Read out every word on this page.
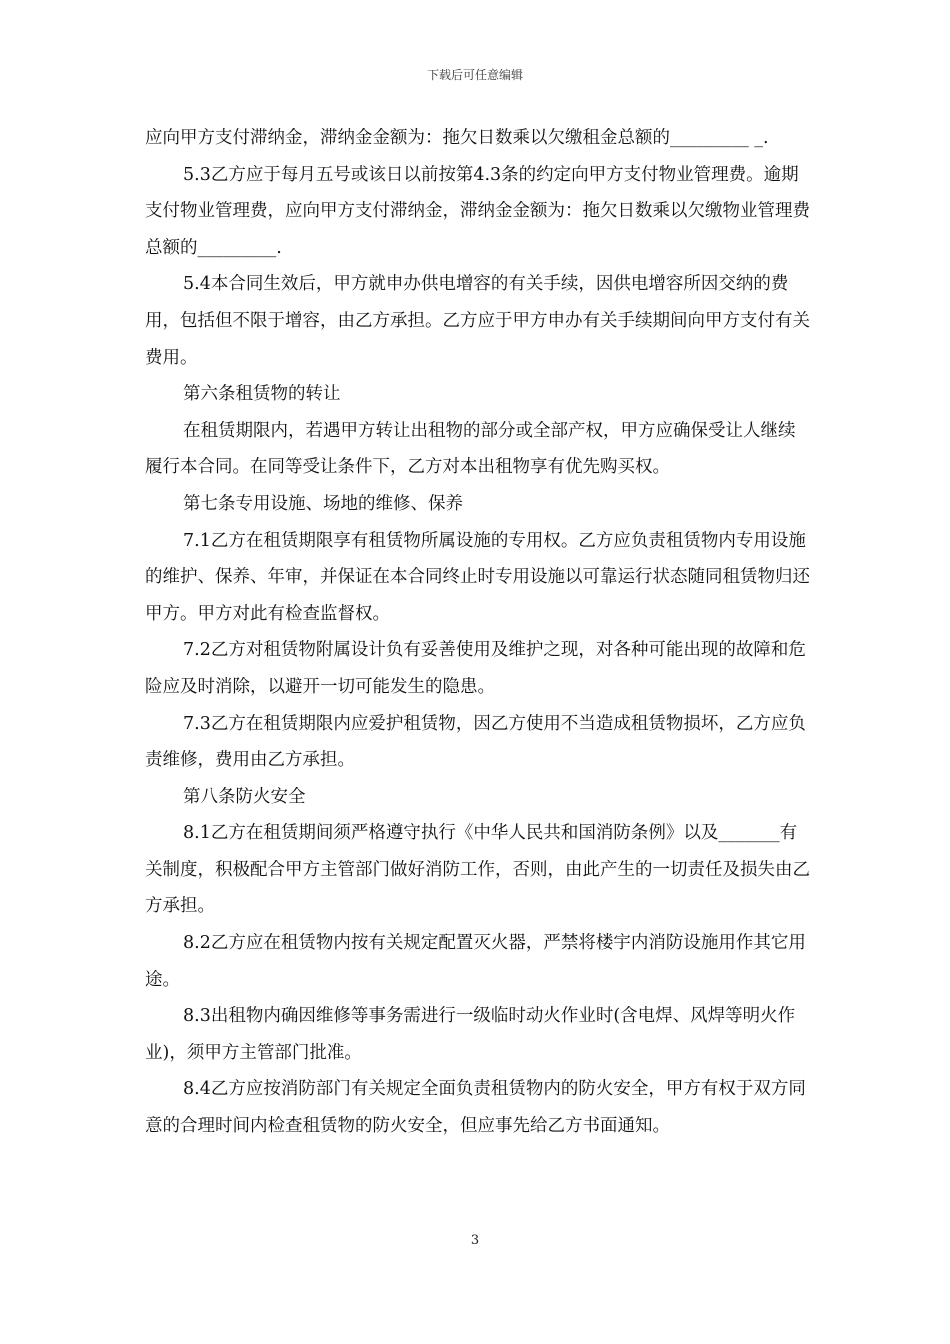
下载后可任意编辑

应向甲方支付滞纳金，滞纳金金额为：拖欠日数乘以欠缴租金总额的_________ _.

5.3乙方应于每月五号或该日以前按第4.3条的约定向甲方支付物业管理费。逾期支付物业管理费，应向甲方支付滞纳金，滞纳金金额为：拖欠日数乘以欠缴物业管理费总额的_________.

5.4本合同生效后，甲方就申办供电增容的有关手续，因供电增容所因交纳的费用，包括但不限于增容，由乙方承担。乙方应于甲方申办有关手续期间向甲方支付有关费用。

第六条租赁物的转让

在租赁期限内，若遇甲方转让出租物的部分或全部产权，甲方应确保受让人继续履行本合同。在同等受让条件下，乙方对本出租物享有优先购买权。

第七条专用设施、场地的维修、保养

7.1乙方在租赁期限享有租赁物所属设施的专用权。乙方应负责租赁物内专用设施的维护、保养、年审，并保证在本合同终止时专用设施以可靠运行状态随同租赁物归还甲方。甲方对此有检查监督权。

7.2乙方对租赁物附属设计负有妥善使用及维护之现，对各种可能出现的故障和危险应及时消除，以避开一切可能发生的隐患。

7.3乙方在租赁期限内应爱护租赁物，因乙方使用不当造成租赁物损坏，乙方应负责维修，费用由乙方承担。

第八条防火安全

8.1乙方在租赁期间须严格遵守执行《中华人民共和国消防条例》以及_______有关制度，积极配合甲方主管部门做好消防工作，否则，由此产生的一切责任及损失由乙方承担。

8.2乙方应在租赁物内按有关规定配置灭火器，严禁将楼宇内消防设施用作其它用途。

8.3出租物内确因维修等事务需进行一级临时动火作业时(含电焊、风焊等明火作业)，须甲方主管部门批准。

8.4乙方应按消防部门有关规定全面负责租赁物内的防火安全，甲方有权于双方同意的合理时间内检查租赁物的防火安全，但应事先给乙方书面通知。

3
